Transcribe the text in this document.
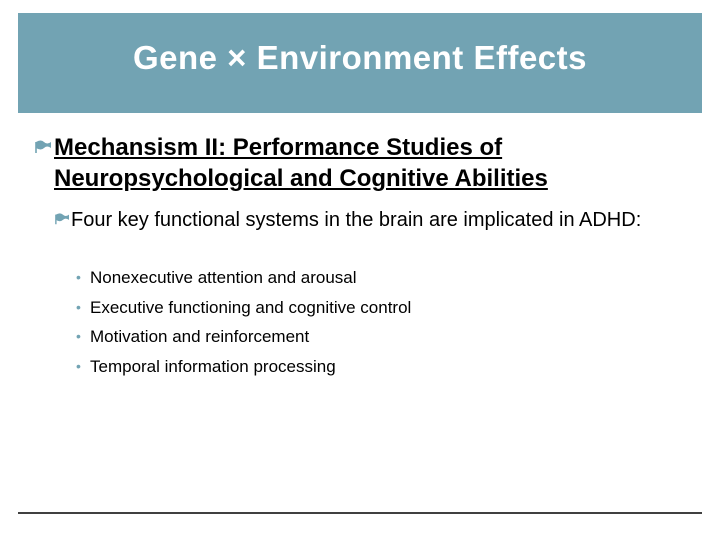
Gene × Environment Effects
Mechansism II: Performance Studies of Neuropsychological and Cognitive Abilities
Four key functional systems in the brain are implicated in ADHD:
• Nonexecutive attention and arousal
• Executive functioning and cognitive control
• Motivation and reinforcement
• Temporal information processing
